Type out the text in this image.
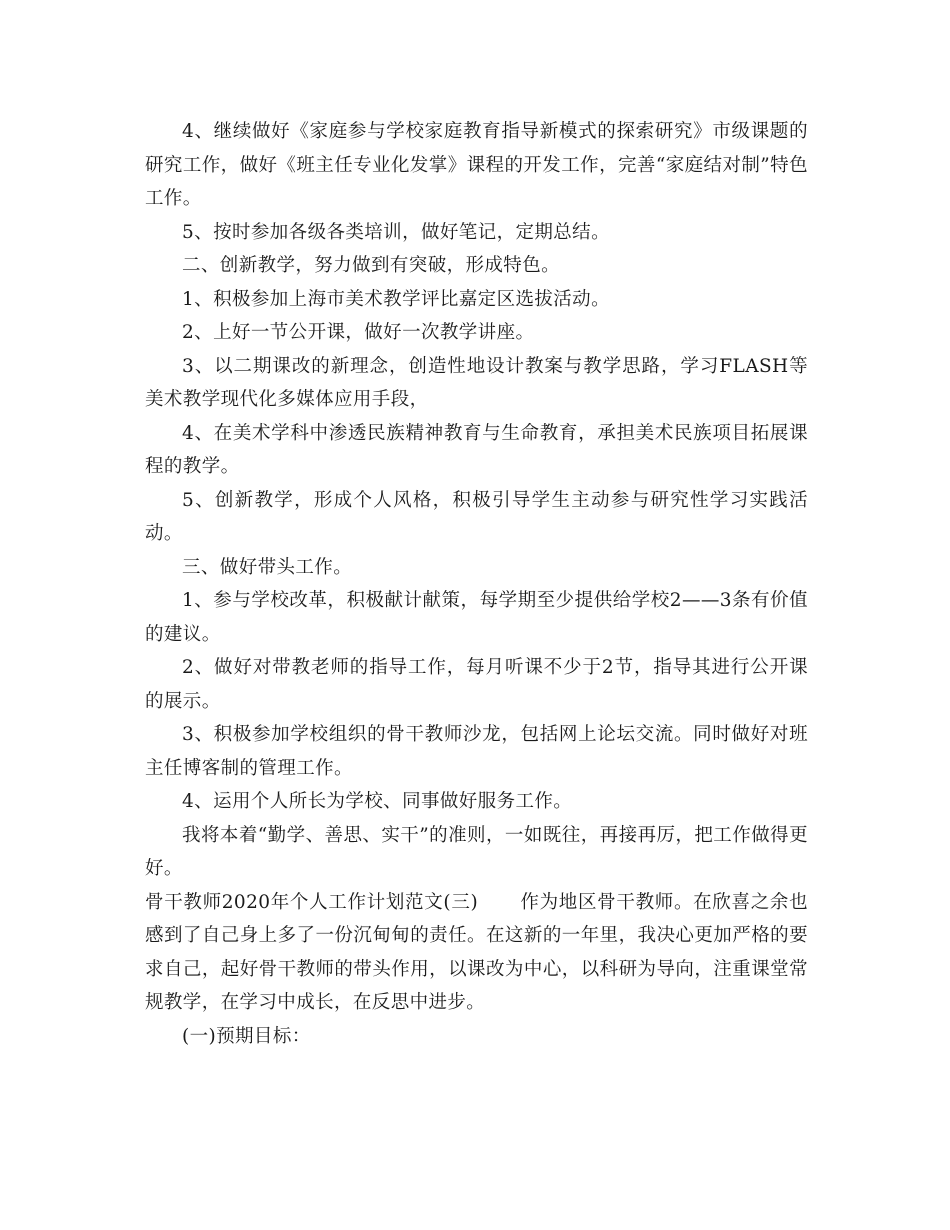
4、继续做好《家庭参与学校家庭教育指导新模式的探索研究》市级课题的研究工作，做好《班主任专业化发掌》课程的开发工作，完善“家庭结对制”特色工作。

5、按时参加各级各类培训，做好笔记，定期总结。

二、创新教学，努力做到有突破，形成特色。

1、积极参加上海市美术教学评比嘉定区选拔活动。

2、上好一节公开课，做好一次教学讲座。

3、以二期课改的新理念，创造性地设计教案与教学思路，学习FLASH等美术教学现代化多媒体应用手段，

4、在美术学科中渗透民族精神教育与生命教育，承担美术民族项目拓展课程的教学。

5、创新教学，形成个人风格，积极引导学生主动参与研究性学习实践活动。

三、做好带头工作。

1、参与学校改革，积极献计献策，每学期至少提供给学校2——3条有价值的建议。

2、做好对带教老师的指导工作，每月听课不少于2节，指导其进行公开课的展示。

3、积极参加学校组织的骨干教师沙龙，包括网上论坛交流。同时做好对班主任博客制的管理工作。

4、运用个人所长为学校、同事做好服务工作。

我将本着“勤学、善思、实干”的准则，一如既往，再接再厉，把工作做得更好。

骨干教师2020年个人工作计划范文(三) 作为地区骨干教师。在欣喜之余也感到了自己身上多了一份沉甸甸的责任。在这新的一年里，我决心更加严格的要求自己，起好骨干教师的带头作用，以课改为中心，以科研为导向，注重课堂常规教学，在学习中成长，在反思中进步。

(一)预期目标：
